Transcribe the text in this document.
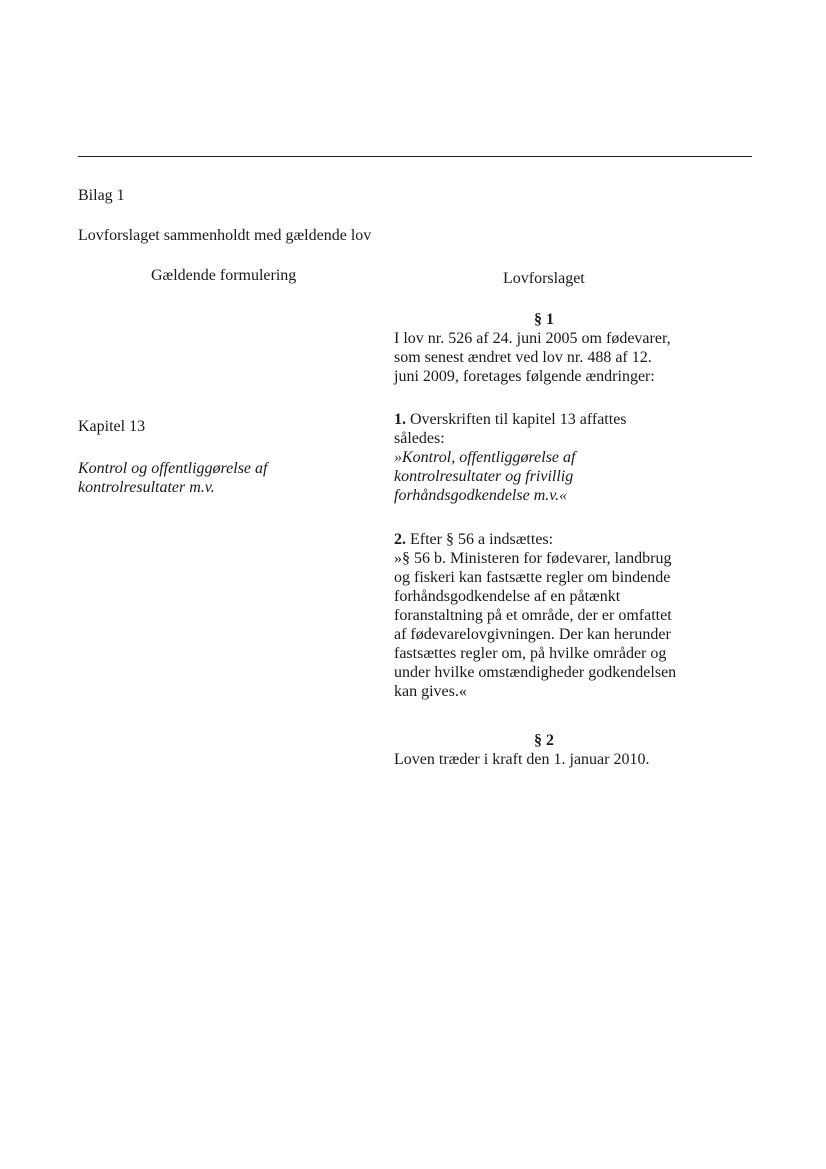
Bilag 1
Lovforslaget sammenholdt med gældende lov
Gældende formulering	Lovforslaget
Kapitel 13
Kontrol og offentliggørelse af
kontrolresultater m.v.
§ 1

I lov nr. 526 af 24. juni 2005 om fødevarer,

som senest ændret ved lov nr. 488 af 12.

juni 2009, foretages følgende ændringer:

1. Overskriften til kapitel 13 affattes

således:

»Kontrol, offentliggørelse af

kontrolresultater og frivillig

forhåndsgodkendelse m.v.«

2. Efter § 56 a indsættes:

»§ 56 b. Ministeren for fødevarer, landbrug

og fiskeri kan fastsætte regler om bindende

forhåndsgodkendelse af en påtænkt

foranstaltning på et område, der er omfattet

af fødevarelovgivningen. Der kan herunder

fastsættes regler om, på hvilke områder og

under hvilke omstændigheder godkendelsen

kan gives.«

§ 2

Loven træder i kraft den 1. januar 2010.
